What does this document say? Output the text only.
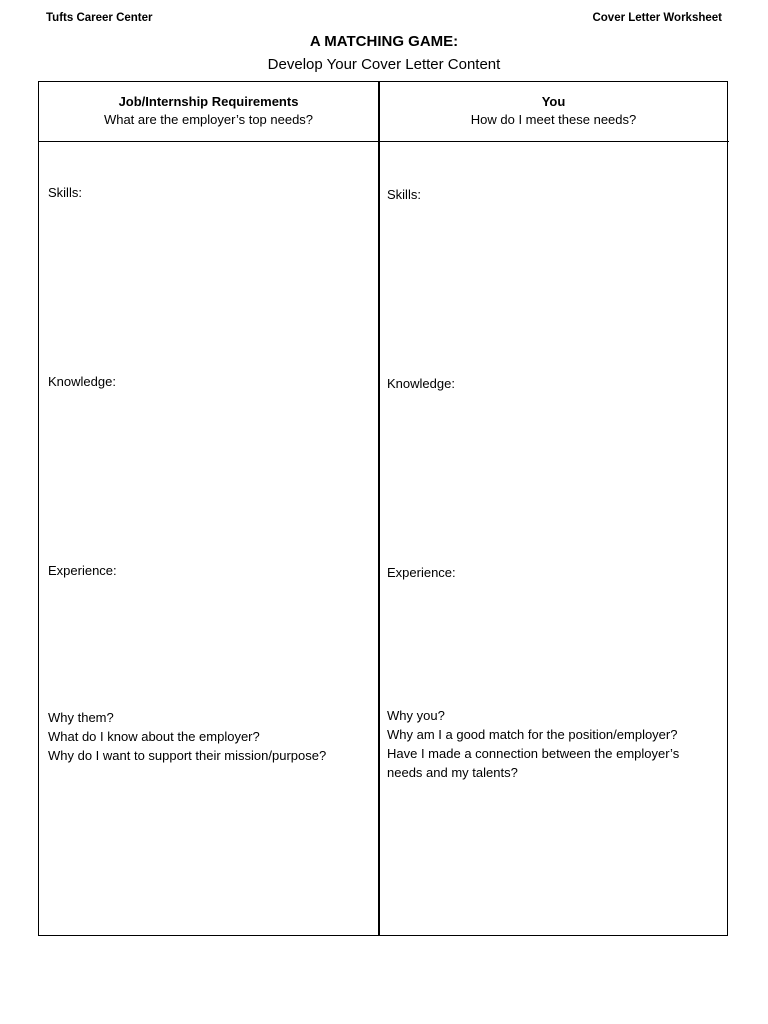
Tufts Career Center	Cover Letter Worksheet
A MATCHING GAME:
Develop Your Cover Letter Content
Job/Internship Requirements
What are the employer’s top needs?
You
How do I meet these needs?
Skills:
Knowledge:
Experience:
Why them?
What do I know about the employer?
Why do I want to support their mission/purpose?
Skills:
Knowledge:
Experience:
Why you?
Why am I a good match for the position/employer?
Have I made a connection between the employer’s
needs and my talents?
